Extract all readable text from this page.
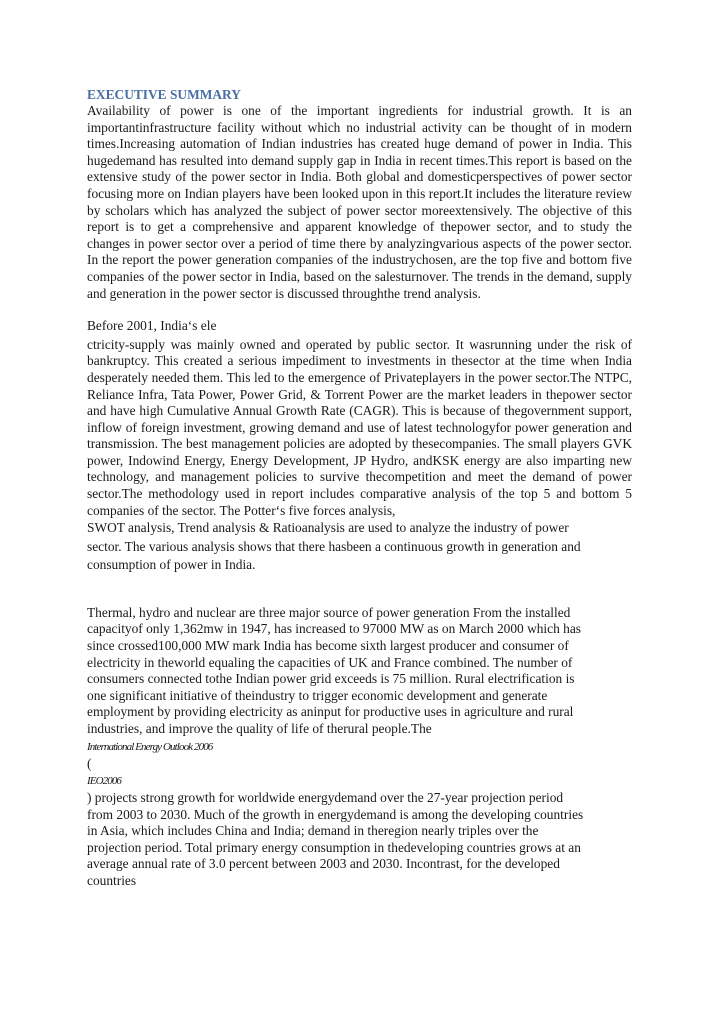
EXECUTIVE SUMMARY

Availability of power is one of the important ingredients for industrial growth. It is an importantinfrastructure facility without which no industrial activity can be thought of in modern times.Increasing automation of Indian industries has created huge demand of power in India. This hugedemand has resulted into demand supply gap in India in recent times.This report is based on the extensive study of the power sector in India. Both global and domesticperspectives of power sector focusing more on Indian players have been looked upon in this report.It includes the literature review by scholars which has analyzed the subject of power sector moreextensively. The objective of this report is to get a comprehensive and apparent knowledge of thepower sector, and to study the changes in power sector over a period of time there by analyzingvarious aspects of the power sector. In the report the power generation companies of the industrychosen, are the top five and bottom five companies of the power sector in India, based on the salesturnover. The trends in the demand, supply and generation in the power sector is discussed throughthe trend analysis.

Before 2001, India‘s ele

ctricity-supply was mainly owned and operated by public sector. It wasrunning under the risk of bankruptcy. This created a serious impediment to investments in thesector at the time when India desperately needed them. This led to the emergence of Privateplayers in the power sector.The NTPC, Reliance Infra, Tata Power, Power Grid, & Torrent Power are the market leaders in thepower sector and have high Cumulative Annual Growth Rate (CAGR). This is because of thegovernment support, inflow of foreign investment, growing demand and use of latest technologyfor power generation and transmission. The best management policies are adopted by thesecompanies. The small players GVK power, Indowind Energy, Energy Development, JP Hydro, andKSK energy are also imparting new technology, and management policies to survive thecompetition and meet the demand of power sector.The methodology used in report includes comparative analysis of the top 5 and bottom 5 companies of the sector. The Potter‘s five forces analysis,

SWOT analysis, Trend analysis & Ratioanalysis are used to analyze the industry of power
sector. The various analysis shows that there hasbeen a continuous growth in generation and
consumption of power in India.
Thermal, hydro and nuclear are three major source of power generation From the installed
capacityof only 1,362mw in 1947, has increased to 97000 MW as on March 2000 which has
since crossed100,000 MW mark India has become sixth largest producer and consumer of
electricity in theworld equaling the capacities of UK and France combined. The number of
consumers connected tothe Indian power grid exceeds is 75 million. Rural electrification is
one significant initiative of theindustry to trigger economic development and generate
employment by providing electricity as aninput for productive uses in agriculture and rural
industries, and improve the quality of life of therural people.The

International Energy Outlook 2006

(

IEO2006

) projects strong growth for worldwide energydemand over the 27-year projection period
from 2003 to 2030. Much of the growth in energydemand is among the developing countries
in Asia, which includes China and India; demand in theregion nearly triples over the
projection period. Total primary energy consumption in thedeveloping countries grows at an
average annual rate of 3.0 percent between 2003 and 2030. Incontrast, for the developed
countries
